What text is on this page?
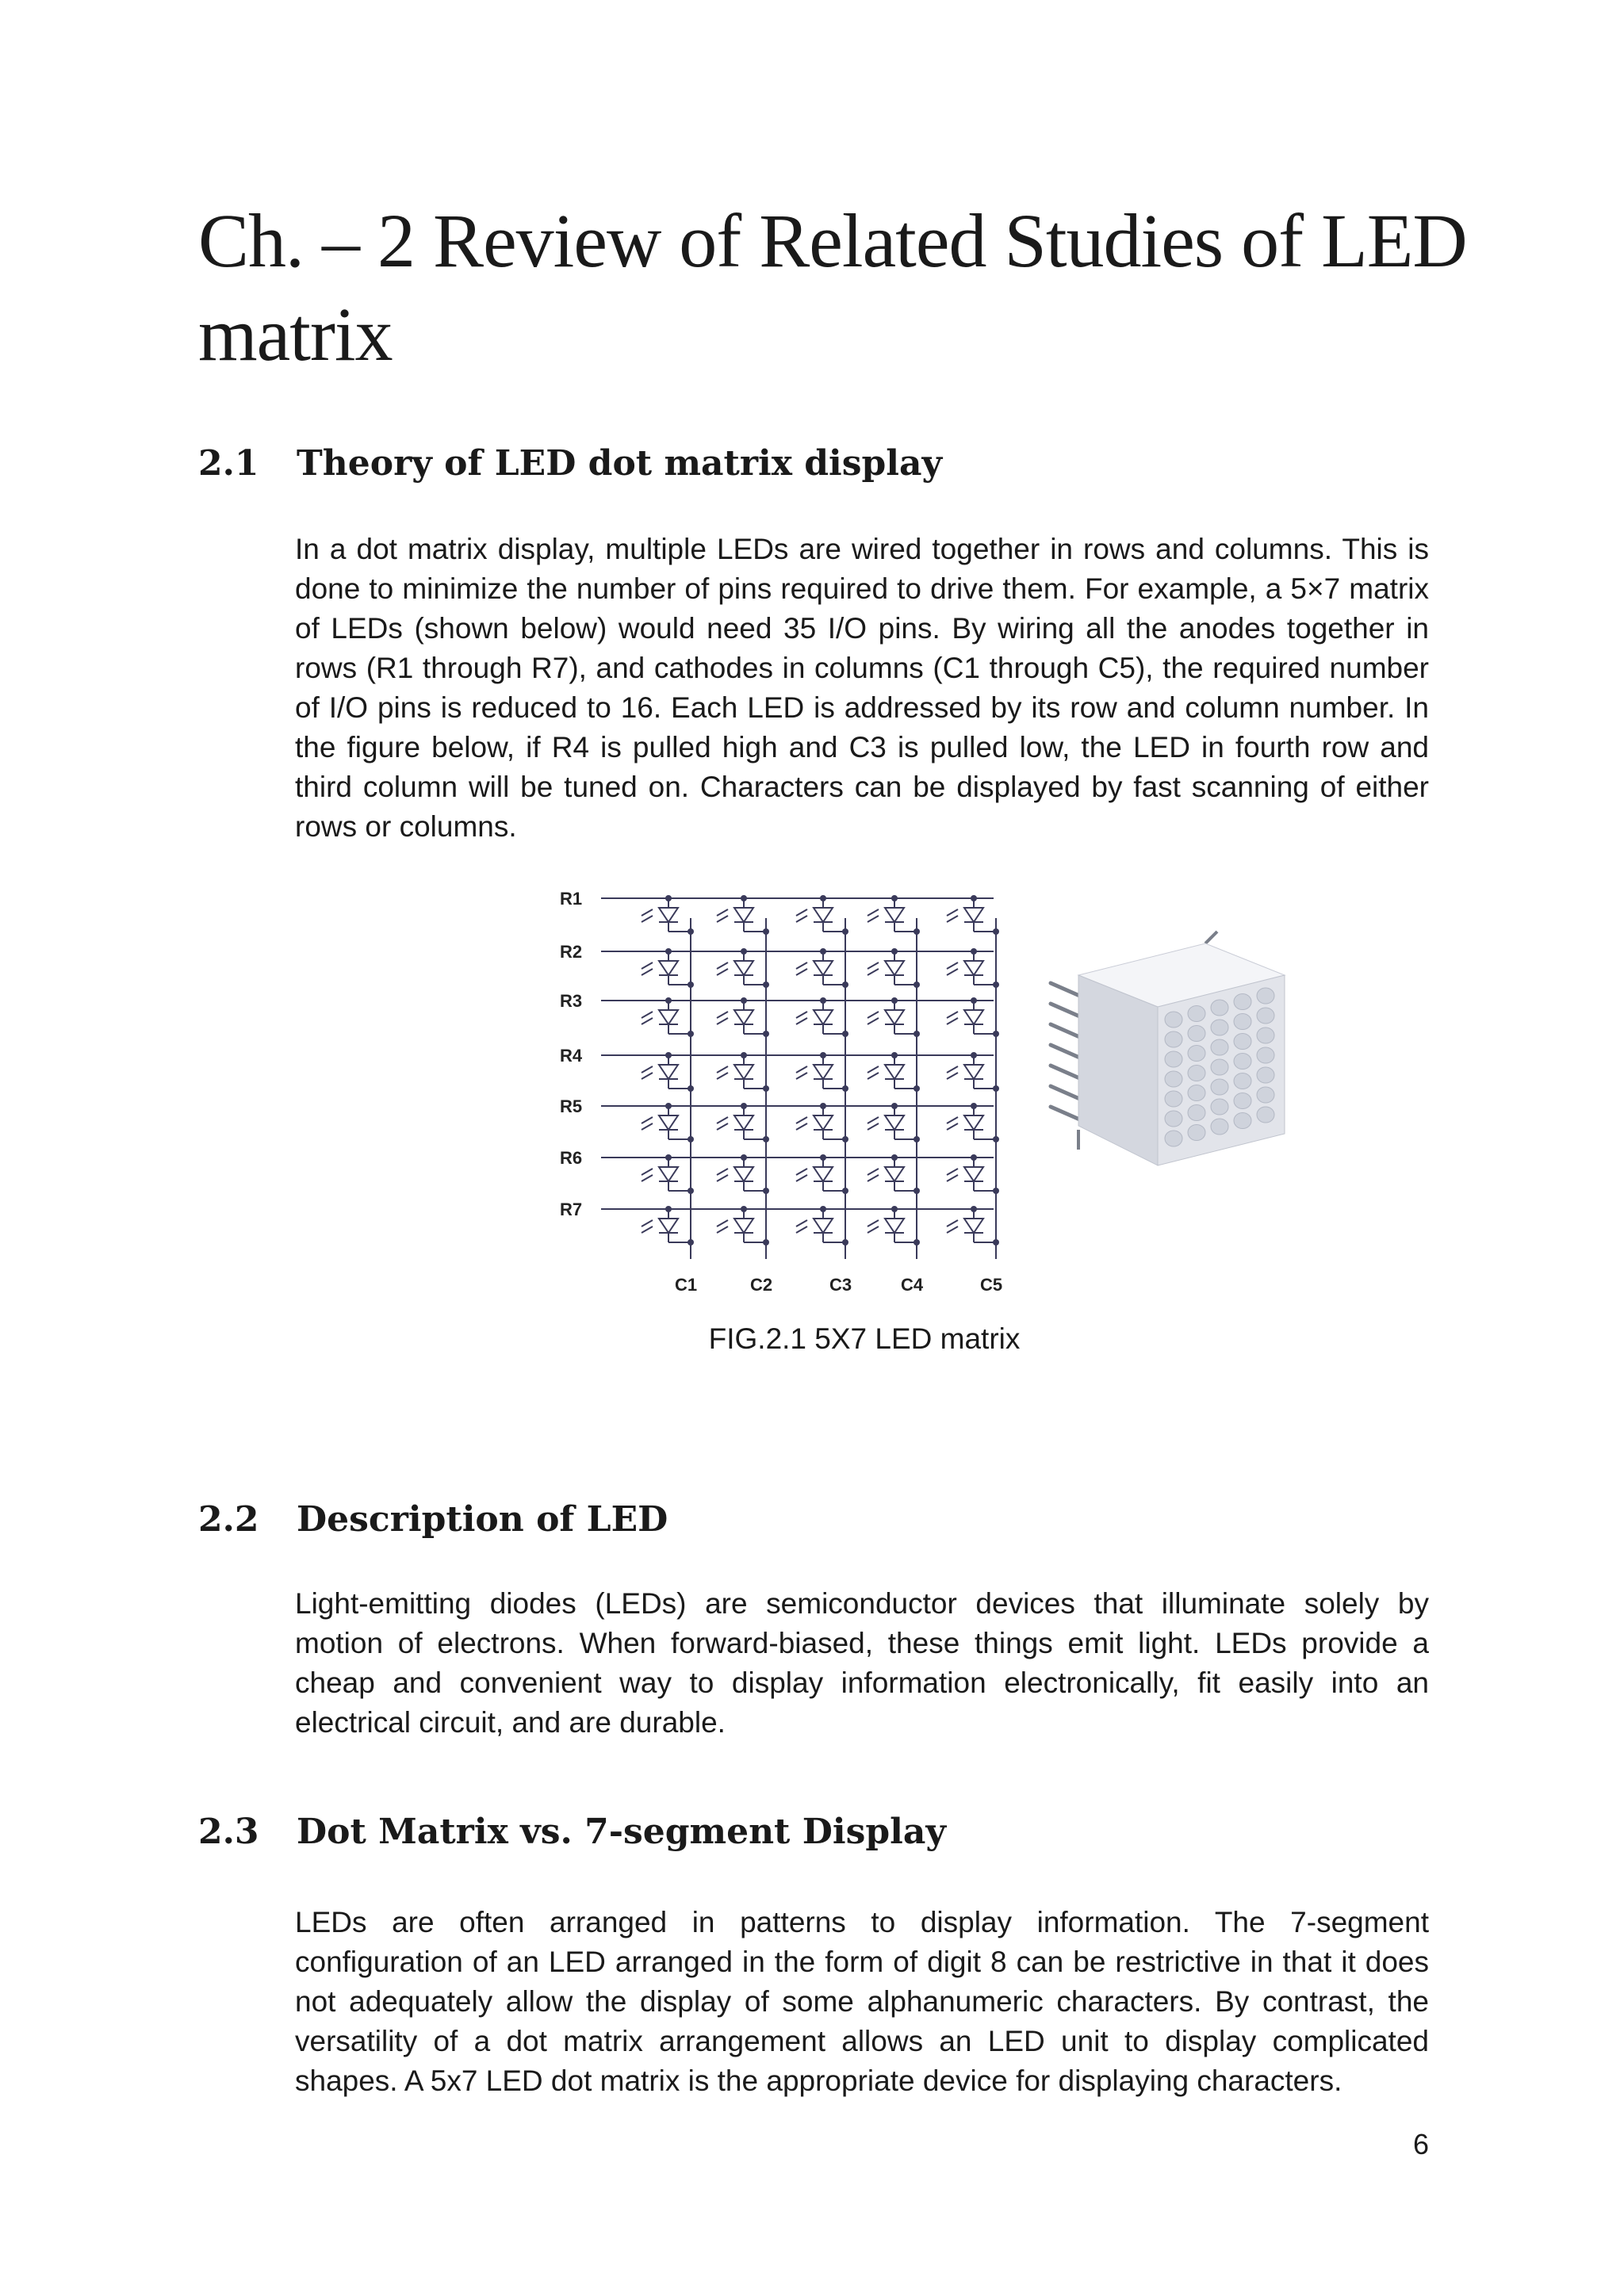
Ch. – 2 Review of Related Studies of LED matrix
2.1 Theory of LED dot matrix display

In a dot matrix display, multiple LEDs are wired together in rows and columns. This is done to minimize the number of pins required to drive them. For example, a 5×7 matrix of LEDs (shown below) would need 35 I/O pins. By wiring all the anodes together in rows (R1 through R7), and cathodes in columns (C1 through C5), the required number of I/O pins is reduced to 16. Each LED is addressed by its row and column number. In the figure below, if R4 is pulled high and C3 is pulled low, the LED in fourth row and third column will be tuned on. Characters can be displayed by fast scanning of either rows or columns.

R1
R2
R3
R4
R5
R6
R7
C1	C2	C3	C4	C5

FIG.2.1 5X7 LED matrix

2.2 Description of LED

Light-emitting diodes (LEDs) are semiconductor devices that illuminate solely by motion of electrons. When forward-biased, these things emit light. LEDs provide a cheap and convenient way to display information electronically, fit easily into an electrical circuit, and are durable.

2.3 Dot Matrix vs. 7-segment Display

LEDs are often arranged in patterns to display information. The 7-segment configuration of an LED arranged in the form of digit 8 can be restrictive in that it does not adequately allow the display of some alphanumeric characters. By contrast, the versatility of a dot matrix arrangement allows an LED unit to display complicated shapes. A 5x7 LED dot matrix is the appropriate device for displaying characters.

6
